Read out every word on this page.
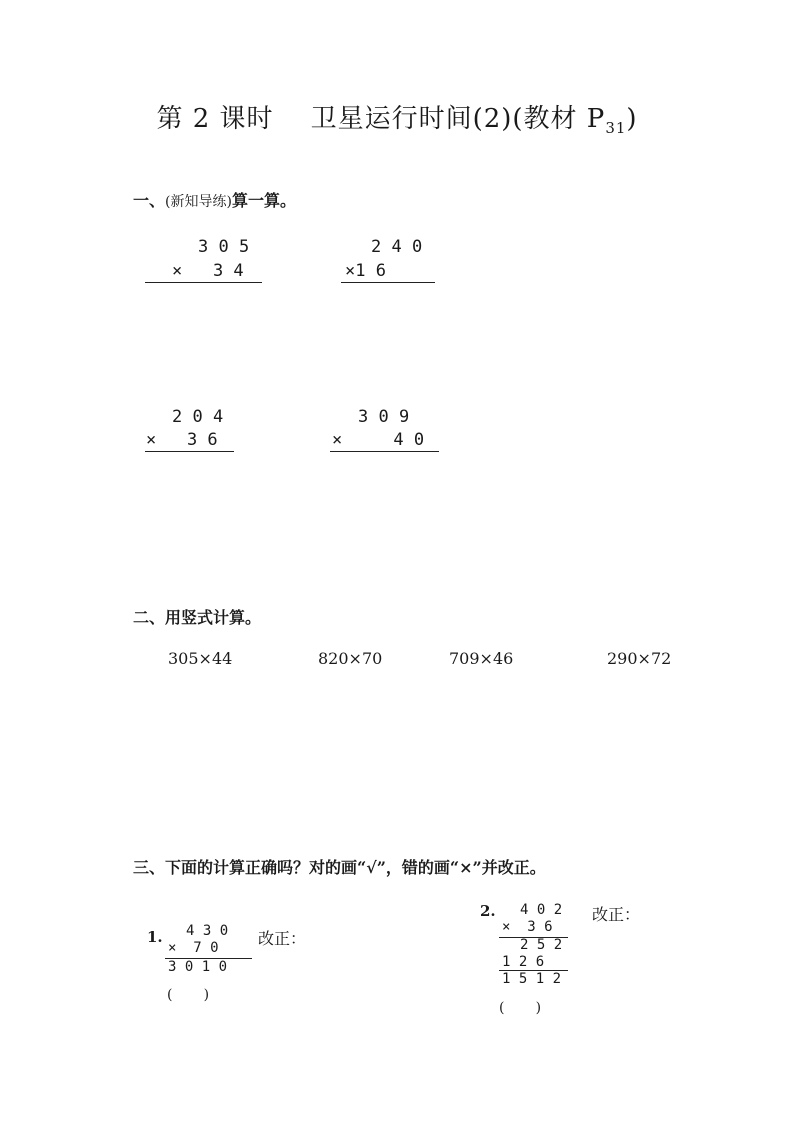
第 2 课时    卫星运行时间(2)(教材 $P_{31}$)
一、(新知导练)算一算。
3 0 5
×   3 4
2 4 0
×1 6
2 0 4
×   3 6
3 0 9
×     4 0
二、用竖式计算。
305×44	820×70	709×46	290×72
三、下面的计算正确吗？对的画“√”，错的画“×”并改正。
1. 4 3 0
×  7 0
3 0 1 0
改正：
(       )
2. 4 0 2
×  3 6
2 5 2
1 2 6
1 5 1 2
改正：
(       )
